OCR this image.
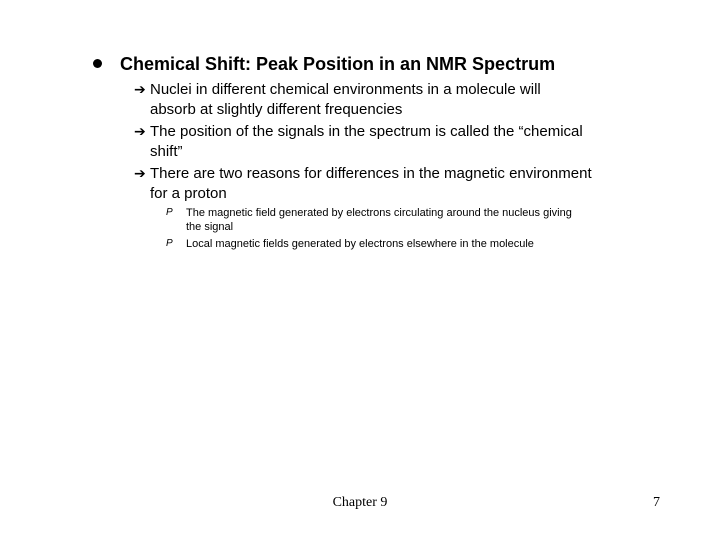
Chemical Shift: Peak Position in an NMR Spectrum
➔ Nuclei in different chemical environments in a molecule will
absorb at slightly different frequencies
➔ The position of the signals in the spectrum is called the “chemical
shift”
➔ There are two reasons for differences in the magnetic environment
for a proton
P	The magnetic field generated by electrons circulating around the nucleus giving
the signal
P	Local magnetic fields generated by electrons elsewhere in the molecule
Chapter 9	7
